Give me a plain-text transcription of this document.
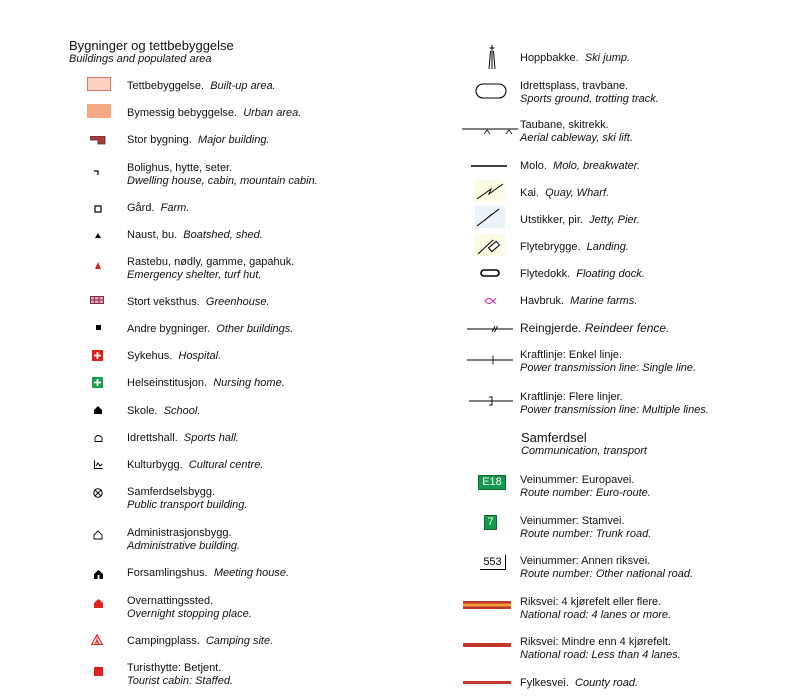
Bygninger og tettbebyggelse
Buildings and populated area
Tettbebyggelse. Built-up area.
Bymessig bebyggelse. Urban area.
Stor bygning. Major building.
Bolighus, hytte, seter.
Dwelling house, cabin, mountain cabin.
Gård. Farm.
Naust, bu. Boatshed, shed.
Rastebu, nødly, gamme, gapahuk.
Emergency shelter, turf hut.
Stort veksthus. Greenhouse.
Andre bygninger. Other buildings.
Sykehus. Hospital.
Helseinstitusjon. Nursing home.
Skole. School.
Idrettshall. Sports hall.
Kulturbygg. Cultural centre.
Samferdselsbygg.
Public transport building.
Administrasjonsbygg.
Administrative building.
Forsamlingshus. Meeting house.
Overnattingssted.
Overnight stopping place.
Campingplass. Camping site.
Turisthytte: Betjent.
Tourist cabin: Staffed.
Hoppbakke. Ski jump.
Idrettsplass, travbane.
Sports ground, trotting track.
Taubane, skitrekk.
Aerial cableway, ski lift.
Molo. Molo, breakwater.
Kai. Quay, Wharf.
Utstikker, pir. Jetty, Pier.
Flytebrygge. Landing.
Flytedokk. Floating dock.
Havbruk. Marine farms.
Reingjerde. Reindeer fence.
Kraftlinje: Enkel linje.
Power transmission line: Single line.
Kraftlinje: Flere linjer.
Power transmission line: Multiple lines.
Samferdsel
Communication, transport
E18
7
553
Veinummer: Europavei.
Route number: Euro-route.
Veinummer: Stamvei.
Route number: Trunk road.
Veinummer: Annen riksvei.
Route number: Other national road.
Riksvei: 4 kjørefelt eller flere.
National road: 4 lanes or more.
Riksvei: Mindre enn 4 kjørefelt.
National road: Less than 4 lanes.
Fylkesvei. County road.
